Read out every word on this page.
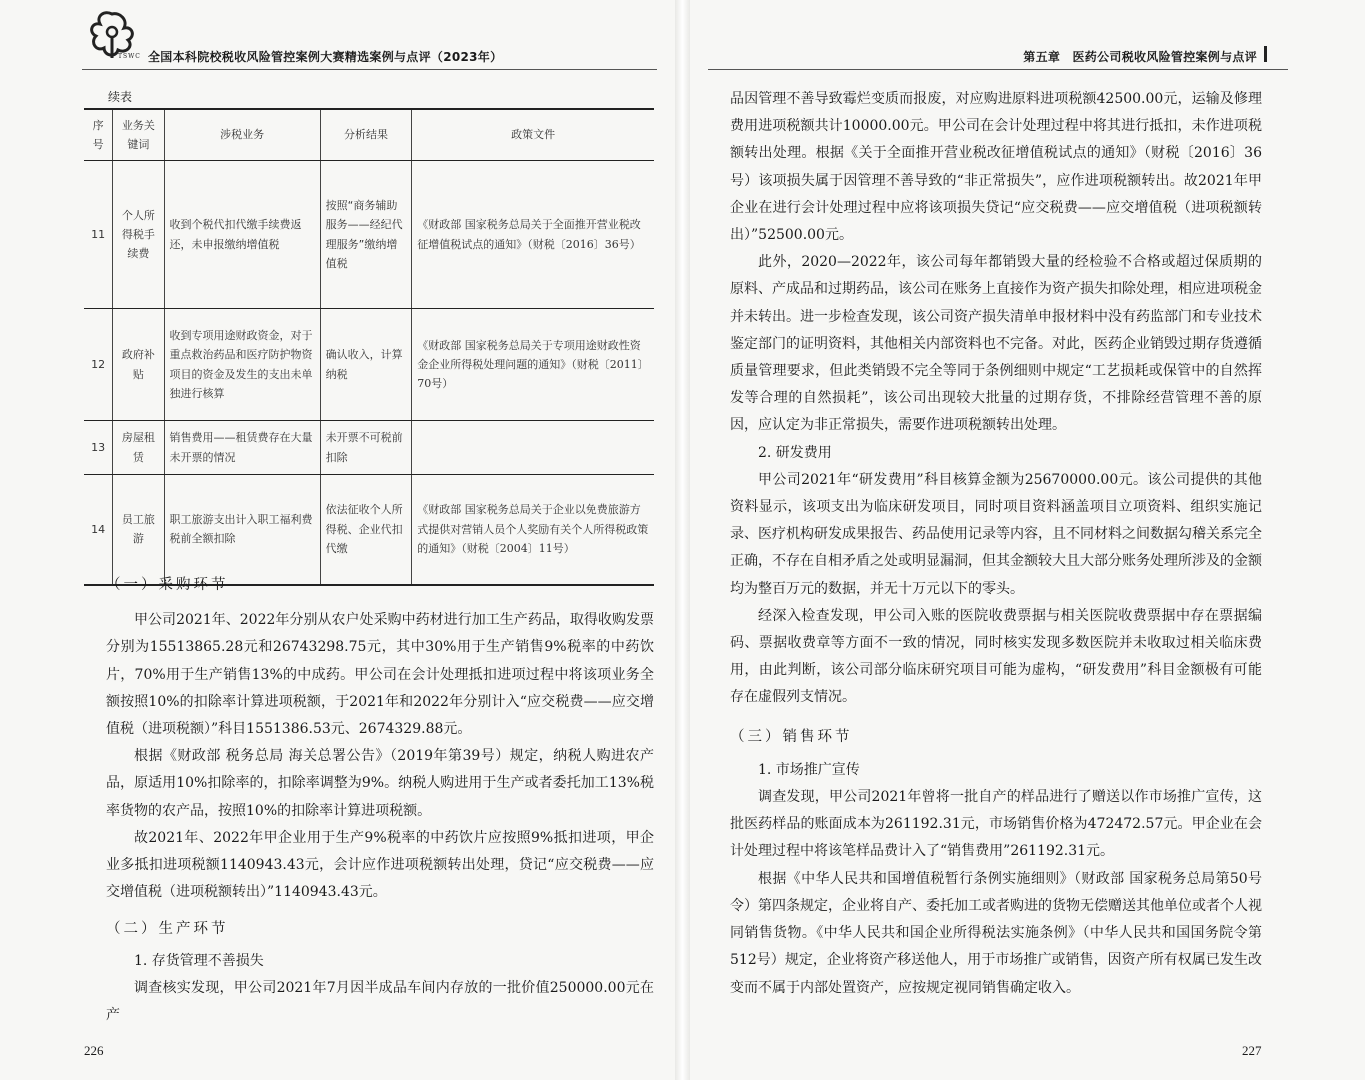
TSWC 全国本科院校税收风险管控案例大赛精选案例与点评（2023年）
续表
序号	业务关键词	涉税业务	分析结果	政策文件
11	个人所得税手续费	收到个税代扣代缴手续费返还，未申报缴纳增值税	按照“商务辅助服务——经纪代理服务”缴纳增值税	《财政部 国家税务总局关于全面推开营业税改征增值税试点的通知》（财税〔2016〕36号）
12	政府补贴	收到专项用途财政资金，对于重点救治药品和医疗防护物资项目的资金及发生的支出未单独进行核算	确认收入，计算纳税	《财政部 国家税务总局关于专项用途财政性资金企业所得税处理问题的通知》（财税〔2011〕70号）
13	房屋租赁	销售费用——租赁费存在大量未开票的情况	未开票不可税前扣除	
14	员工旅游	职工旅游支出计入职工福利费税前全额扣除	依法征收个人所得税、企业代扣代缴	《财政部 国家税务总局关于企业以免费旅游方式提供对营销人员个人奖励有关个人所得税政策的通知》（财税〔2004〕11号）
（一）采购环节

甲公司2021年、2022年分别从农户处采购中药材进行加工生产药品，取得收购发票分别为15513865.28元和26743298.75元，其中30%用于生产销售9%税率的中药饮片，70%用于生产销售13%的中成药。甲公司在会计处理抵扣进项过程中将该项业务全额按照10%的扣除率计算进项税额，于2021年和2022年分别计入“应交税费——应交增值税（进项税额）”科目1551386.53元、2674329.88元。

根据《财政部 税务总局 海关总署公告》（2019年第39号）规定，纳税人购进农产品，原适用10%扣除率的，扣除率调整为9%。纳税人购进用于生产或者委托加工13%税率货物的农产品，按照10%的扣除率计算进项税额。

故2021年、2022年甲企业用于生产9%税率的中药饮片应按照9%抵扣进项，甲企业多抵扣进项税额1140943.43元，会计应作进项税额转出处理，贷记“应交税费——应交增值税（进项税额转出）”1140943.43元。

（二）生产环节
1. 存货管理不善损失

调查核实发现，甲公司2021年7月因半成品车间内存放的一批价值250000.00元在产

226
第五章　医药公司税收风险管控案例与点评

品因管理不善导致霉烂变质而报废，对应购进原料进项税额42500.00元，运输及修理费用进项税额共计10000.00元。甲公司在会计处理过程中将其进行抵扣，未作进项税额转出处理。根据《关于全面推开营业税改征增值税试点的通知》（财税〔2016〕36号）该项损失属于因管理不善导致的“非正常损失”，应作进项税额转出。故2021年甲企业在进行会计处理过程中应将该项损失贷记“应交税费——应交增值税（进项税额转出）”52500.00元。

此外，2020—2022年，该公司每年都销毁大量的经检验不合格或超过保质期的原料、产成品和过期药品，该公司在账务上直接作为资产损失扣除处理，相应进项税金并未转出。进一步检查发现，该公司资产损失清单申报材料中没有药监部门和专业技术鉴定部门的证明资料，其他相关内部资料也不完备。对此，医药企业销毁过期存货遵循质量管理要求，但此类销毁不完全等同于条例细则中规定“工艺损耗或保管中的自然挥发等合理的自然损耗”，该公司出现较大批量的过期存货，不排除经营管理不善的原因，应认定为非正常损失，需要作进项税额转出处理。

2. 研发费用

甲公司2021年“研发费用”科目核算金额为25670000.00元。该公司提供的其他资料显示，该项支出为临床研发项目，同时项目资料涵盖项目立项资料、组织实施记录、医疗机构研发成果报告、药品使用记录等内容，且不同材料之间数据勾稽关系完全正确，不存在自相矛盾之处或明显漏洞，但其金额较大且大部分账务处理所涉及的金额均为整百万元的数据，并无十万元以下的零头。

经深入检查发现，甲公司入账的医院收费票据与相关医院收费票据中存在票据编码、票据收费章等方面不一致的情况，同时核实发现多数医院并未收取过相关临床费用，由此判断，该公司部分临床研究项目可能为虚构，“研发费用”科目金额极有可能存在虚假列支情况。

（三）销售环节
1. 市场推广宣传

调查发现，甲公司2021年曾将一批自产的样品进行了赠送以作市场推广宣传，这批医药样品的账面成本为261192.31元，市场销售价格为472472.57元。甲企业在会计处理过程中将该笔样品费计入了“销售费用”261192.31元。

根据《中华人民共和国增值税暂行条例实施细则》（财政部 国家税务总局第50号令）第四条规定，企业将自产、委托加工或者购进的货物无偿赠送其他单位或者个人视同销售货物。《中华人民共和国企业所得税法实施条例》（中华人民共和国国务院令第512号）规定，企业将资产移送他人，用于市场推广或销售，因资产所有权属已发生改变而不属于内部处置资产，应按规定视同销售确定收入。

227
